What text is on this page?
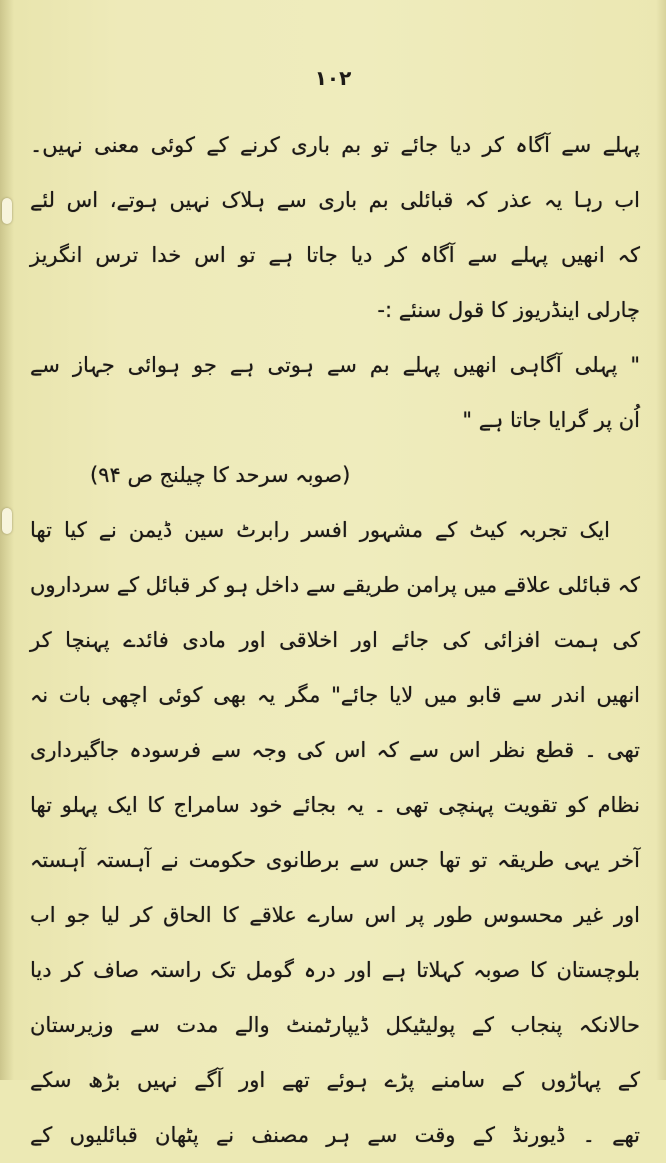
۱۰۲
پہلے سے آگاہ کر دیا جائے تو بم باری کرنے کے کوئی معنی نہیں۔
اب رہا یہ عذر کہ قبائلی بم باری سے ہلاک نہیں ہوتے، اس لئے
کہ انھیں پہلے سے آگاہ کر دیا جاتا ہے تو اس خدا ترس انگریز
چارلی اینڈریوز کا قول سنئے :-
" پہلی آگاہی انھیں پہلے بم سے ہوتی ہے جو ہوائی جہاز سے
اُن پر گرایا جاتا ہے "
(صوبہ سرحد کا چیلنج ص ۹۴)
ایک تجربہ کیٹ کے مشہور افسر رابرٹ سین ڈیمن نے کیا تھا
کہ قبائلی علاقے میں پرامن طریقے سے داخل ہو کر قبائل کے سرداروں
کی ہمت افزائی کی جائے اور اخلاقی اور مادی فائدے پہنچا کر
انھیں اندر سے قابو میں لایا جائے" مگر یہ بھی کوئی اچھی بات نہ
تھی ۔ قطع نظر اس سے کہ اس کی وجہ سے فرسودہ جاگیرداری
نظام کو تقویت پہنچی تھی ۔ یہ بجائے خود سامراج کا ایک پہلو تھا
آخر یہی طریقہ تو تھا جس سے برطانوی حکومت نے آہستہ آہستہ
اور غیر محسوس طور پر اس سارے علاقے کا الحاق کر لیا جو اب
بلوچستان کا صوبہ کہلاتا ہے اور درہ گومل تک راستہ صاف کر دیا
حالانکہ پنجاب کے پولیٹیکل ڈیپارٹمنٹ والے مدت سے وزیرستان
کے پہاڑوں کے سامنے پڑے ہوئے تھے اور آگے نہیں بڑھ سکے
تھے ۔ ڈیورنڈ کے وقت سے ہر مصنف نے پٹھان قبائلیوں کے
